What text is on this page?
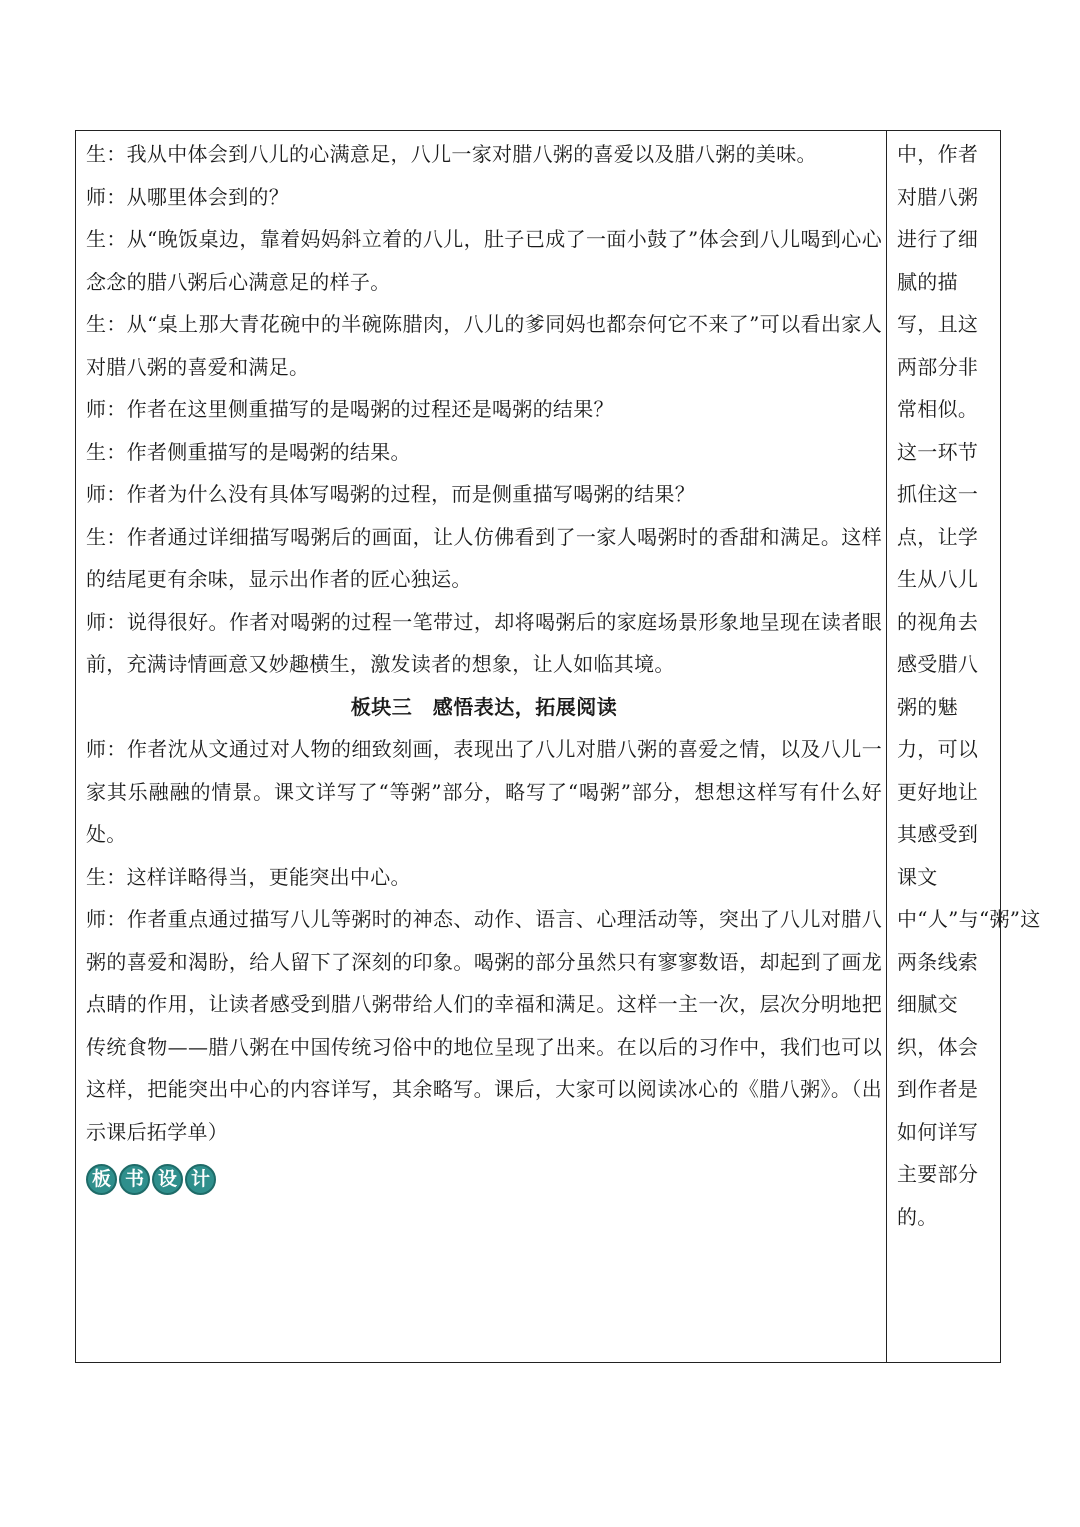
生：我从中体会到八儿的心满意足，八儿一家对腊八粥的喜爱以及腊八粥的美味。

师：从哪里体会到的？

生：从“晚饭桌边，靠着妈妈斜立着的八儿，肚子已成了一面小鼓了”体会到八儿喝到心心念念的腊八粥后心满意足的样子。

生：从“桌上那大青花碗中的半碗陈腊肉，八儿的爹同妈也都奈何它不来了”可以看出家人对腊八粥的喜爱和满足。

师：作者在这里侧重描写的是喝粥的过程还是喝粥的结果？

生：作者侧重描写的是喝粥的结果。

师：作者为什么没有具体写喝粥的过程，而是侧重描写喝粥的结果？

生：作者通过详细描写喝粥后的画面，让人仿佛看到了一家人喝粥时的香甜和满足。这样的结尾更有余味，显示出作者的匠心独运。

师：说得很好。作者对喝粥的过程一笔带过，却将喝粥后的家庭场景形象地呈现在读者眼前，充满诗情画意又妙趣横生，激发读者的想象，让人如临其境。

板块三　感悟表达，拓展阅读

师：作者沈从文通过对人物的细致刻画，表现出了八儿对腊八粥的喜爱之情，以及八儿一家其乐融融的情景。课文详写了“等粥”部分，略写了“喝粥”部分，想想这样写有什么好处。

生：这样详略得当，更能突出中心。

师：作者重点通过描写八儿等粥时的神态、动作、语言、心理活动等，突出了八儿对腊八粥的喜爱和渴盼，给人留下了深刻的印象。喝粥的部分虽然只有寥寥数语，却起到了画龙点睛的作用，让读者感受到腊八粥带给人们的幸福和满足。这样一主一次，层次分明地把传统食物——腊八粥在中国传统习俗中的地位呈现了出来。在以后的习作中，我们也可以这样，把能突出中心的内容详写，其余略写。课后，大家可以阅读冰心的《腊八粥》。（出示课后拓学单）

板 书 设 计

中，作者对腊八粥进行了细腻的描写，且这两部分非常相似。这一环节抓住这一点，让学生从八儿的视角去感受腊八粥的魅力，可以更好地让其感受到课文中“人”与“粥”这两条线索细腻交织，体会到作者是如何详写主要部分的。
